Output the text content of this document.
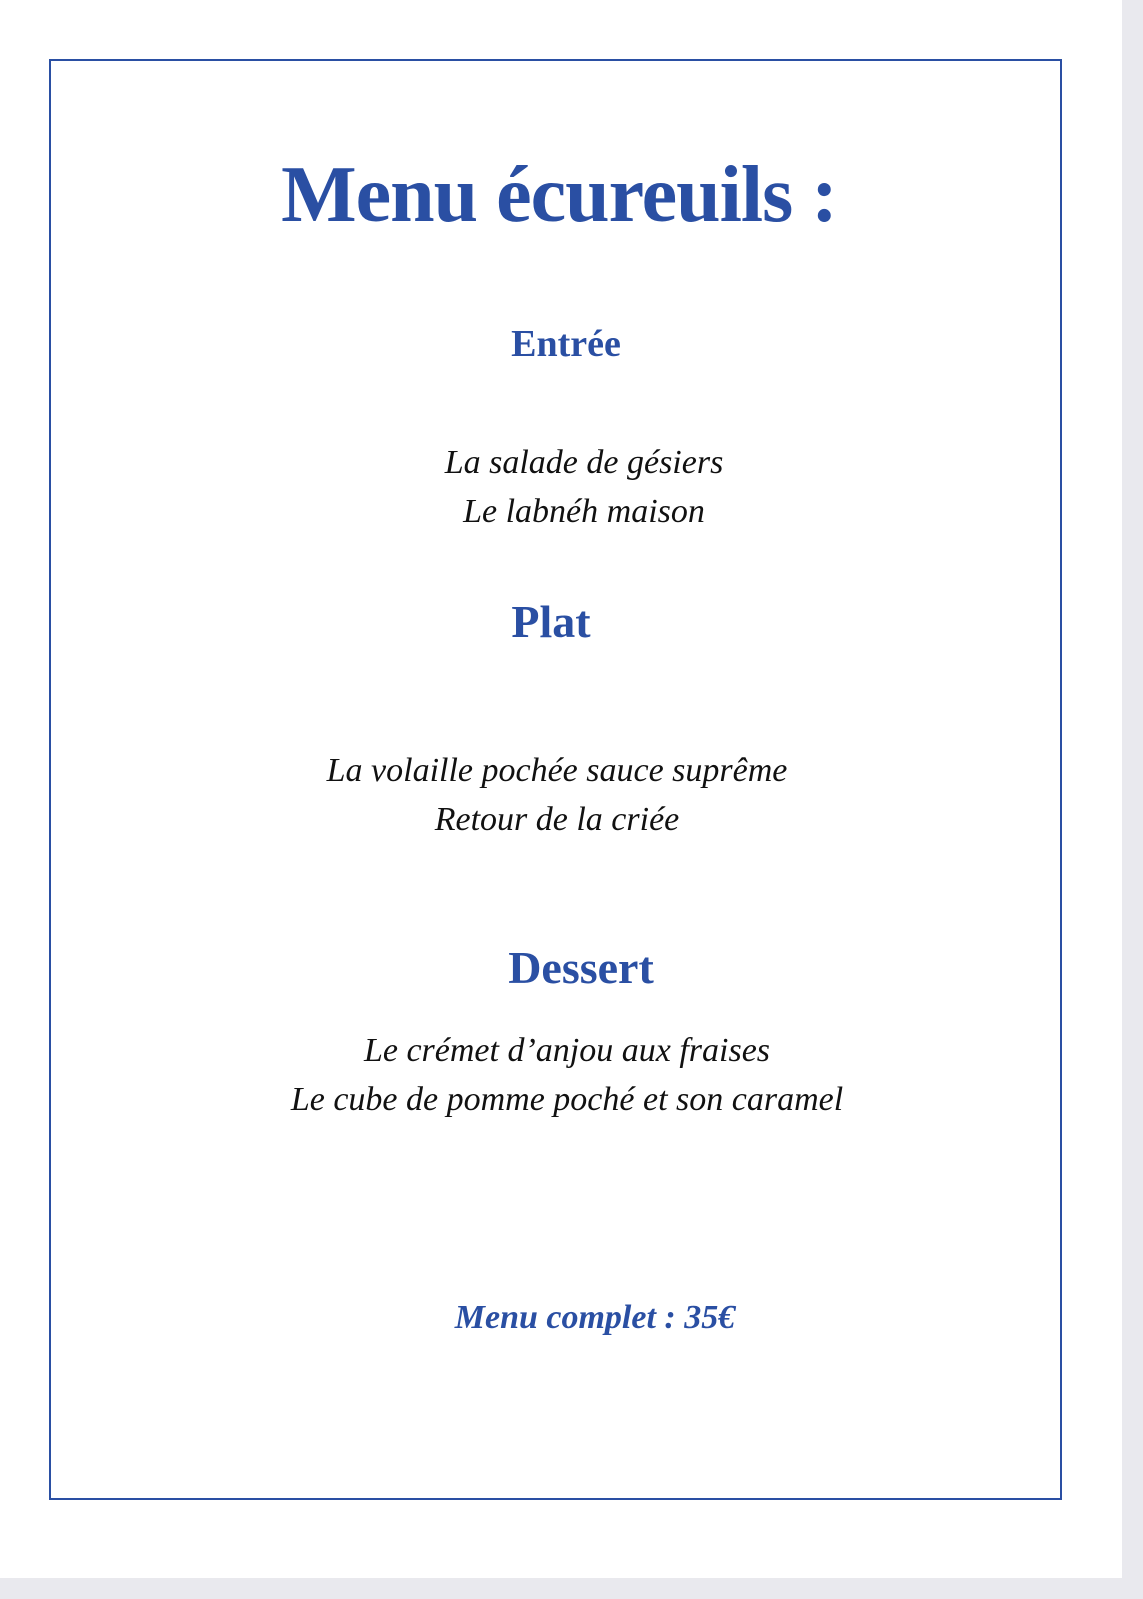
Menu écureuils :
Entrée
La salade de gésiers
Le labnéh maison
Plat
La volaille pochée sauce suprême
Retour de la criée
Dessert
Le crémet d’anjou aux fraises
Le cube de pomme poché et son caramel
Menu complet : 35€
